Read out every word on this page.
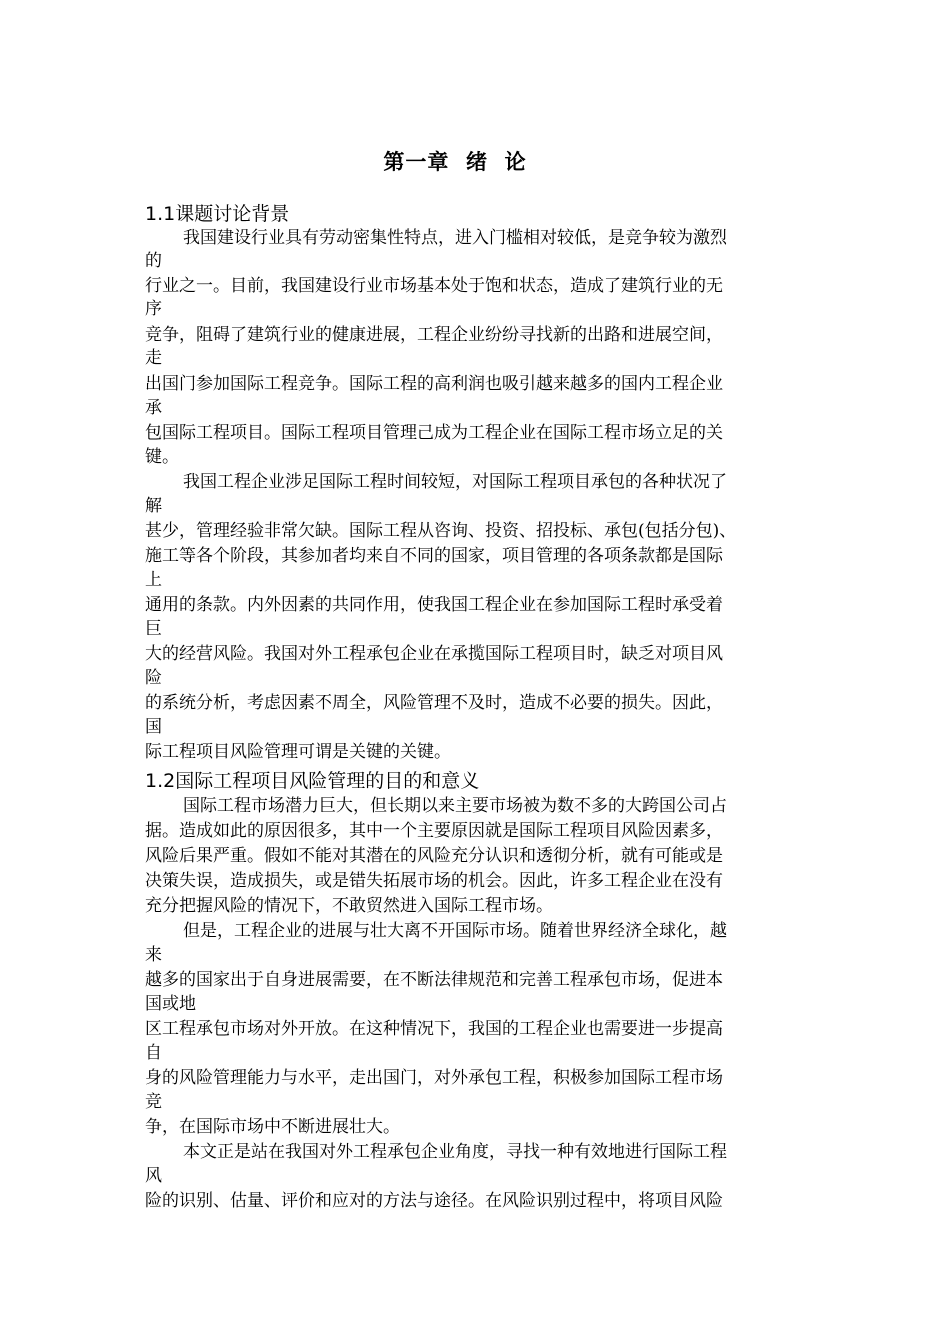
第一章  绪  论
1.1课题讨论背景
我国建设行业具有劳动密集性特点，进入门槛相对较低，是竞争较为激烈
的
行业之一。目前，我国建设行业市场基本处于饱和状态，造成了建筑行业的无
序
竞争，阻碍了建筑行业的健康进展，工程企业纷纷寻找新的出路和进展空间，
走
出国门参加国际工程竞争。国际工程的高利润也吸引越来越多的国内工程企业
承
包国际工程项目。国际工程项目管理己成为工程企业在国际工程市场立足的关
键。
我国工程企业涉足国际工程时间较短，对国际工程项目承包的各种状况了
解
甚少，管理经验非常欠缺。国际工程从咨询、投资、招投标、承包(包括分包)、
施工等各个阶段，其参加者均来自不同的国家，项目管理的各项条款都是国际
上
通用的条款。内外因素的共同作用，使我国工程企业在参加国际工程时承受着
巨
大的经营风险。我国对外工程承包企业在承揽国际工程项目时，缺乏对项目风
险
的系统分析，考虑因素不周全，风险管理不及时，造成不必要的损失。因此，
国
际工程项目风险管理可谓是关键的关键。
1.2国际工程项目风险管理的目的和意义
国际工程市场潜力巨大，但长期以来主要市场被为数不多的大跨国公司占
据。造成如此的原因很多，其中一个主要原因就是国际工程项目风险因素多，
风险后果严重。假如不能对其潜在的风险充分认识和透彻分析，就有可能或是
决策失误，造成损失，或是错失拓展市场的机会。因此，许多工程企业在没有
充分把握风险的情况下，不敢贸然进入国际工程市场。
但是，工程企业的进展与壮大离不开国际市场。随着世界经济全球化，越
来
越多的国家出于自身进展需要，在不断法律规范和完善工程承包市场，促进本
国或地
区工程承包市场对外开放。在这种情况下，我国的工程企业也需要进一步提高
自
身的风险管理能力与水平，走出国门，对外承包工程，积极参加国际工程市场
竞
争，在国际市场中不断进展壮大。
本文正是站在我国对外工程承包企业角度，寻找一种有效地进行国际工程
风
险的识别、估量、评价和应对的方法与途径。在风险识别过程中，将项目风险
